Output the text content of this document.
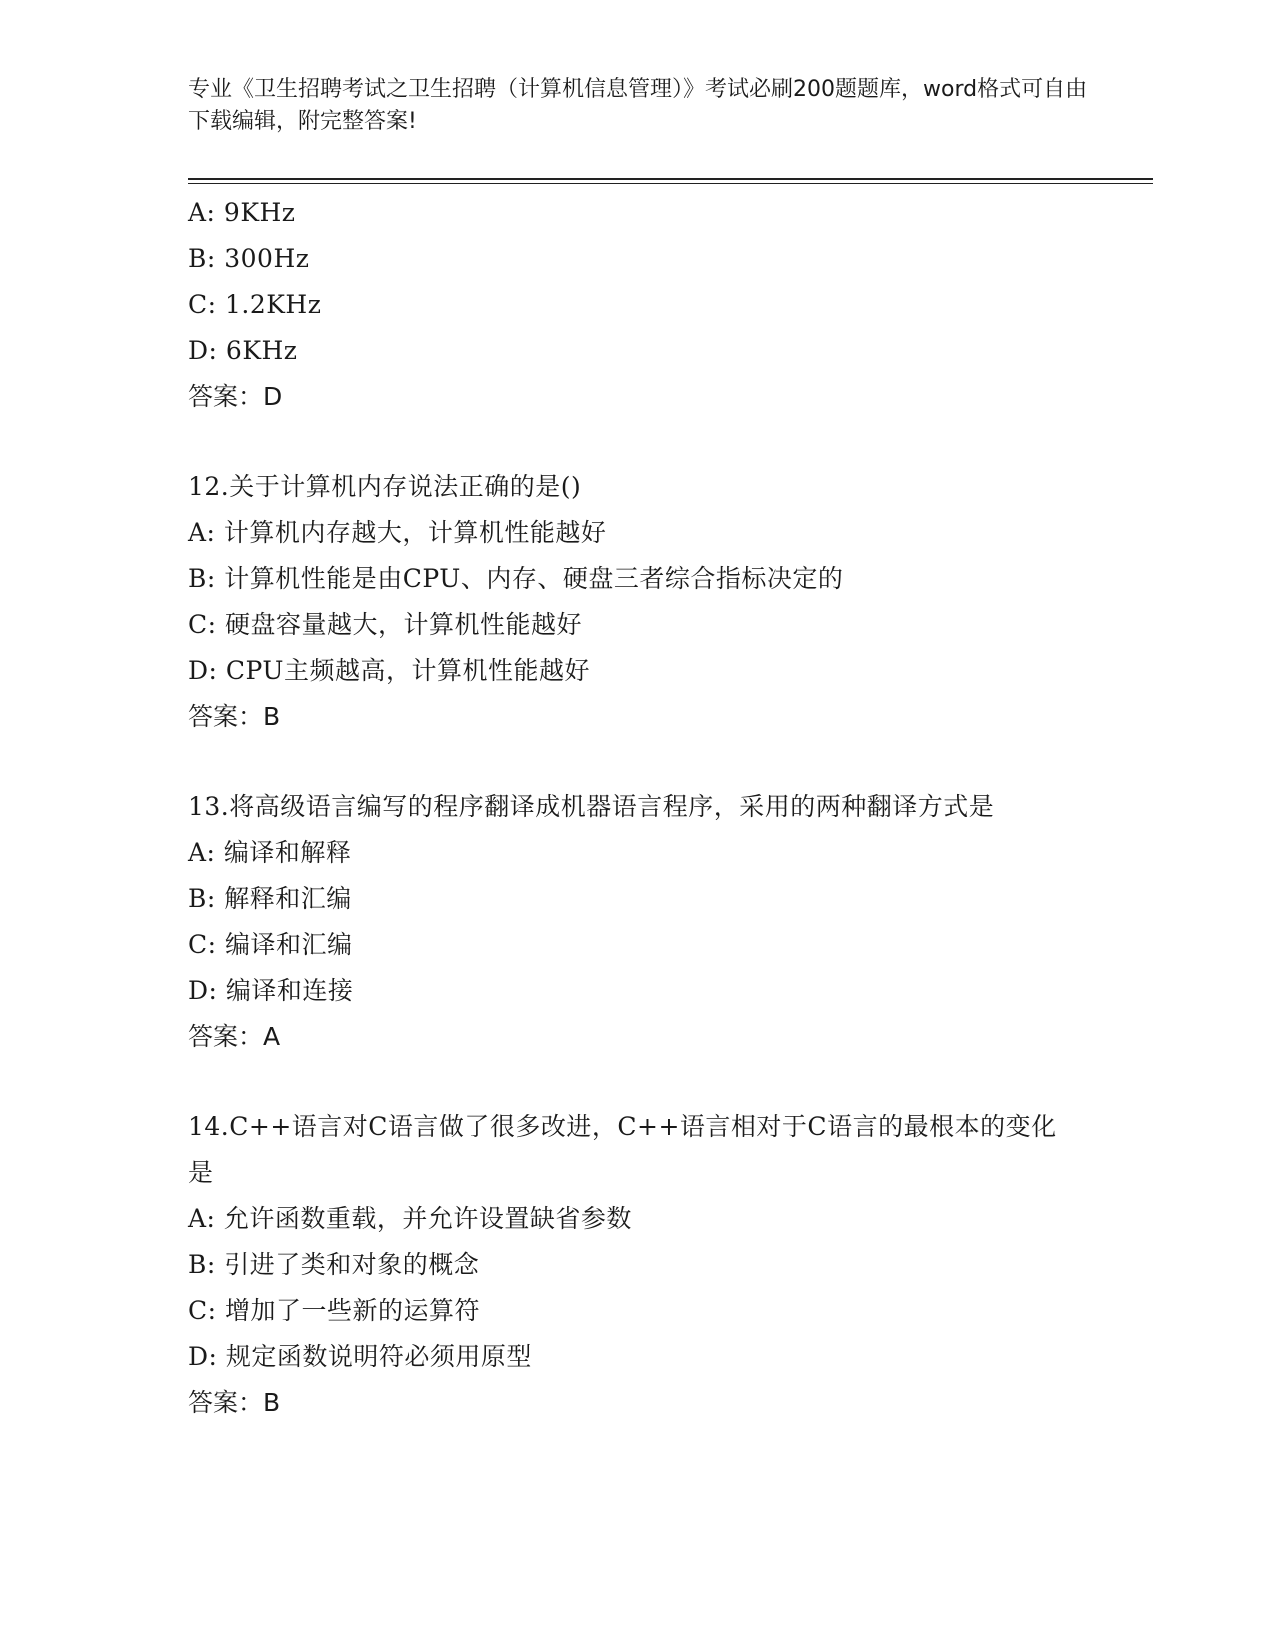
专业《卫生招聘考试之卫生招聘（计算机信息管理）》考试必刷200题题库，word格式可自由下载编辑，附完整答案!
A: 9KHz
B: 300Hz
C: 1.2KHz
D: 6KHz
答案：D
12.关于计算机内存说法正确的是()
A: 计算机内存越大，计算机性能越好
B: 计算机性能是由CPU、内存、硬盘三者综合指标决定的
C: 硬盘容量越大，计算机性能越好
D: CPU主频越高，计算机性能越好
答案：B
13.将高级语言编写的程序翻译成机器语言程序，采用的两种翻译方式是
A: 编译和解释
B: 解释和汇编
C: 编译和汇编
D: 编译和连接
答案：A
14.C++语言对C语言做了很多改进，C++语言相对于C语言的最根本的变化是
A: 允许函数重载，并允许设置缺省参数
B: 引进了类和对象的概念
C: 增加了一些新的运算符
D: 规定函数说明符必须用原型
答案：B
